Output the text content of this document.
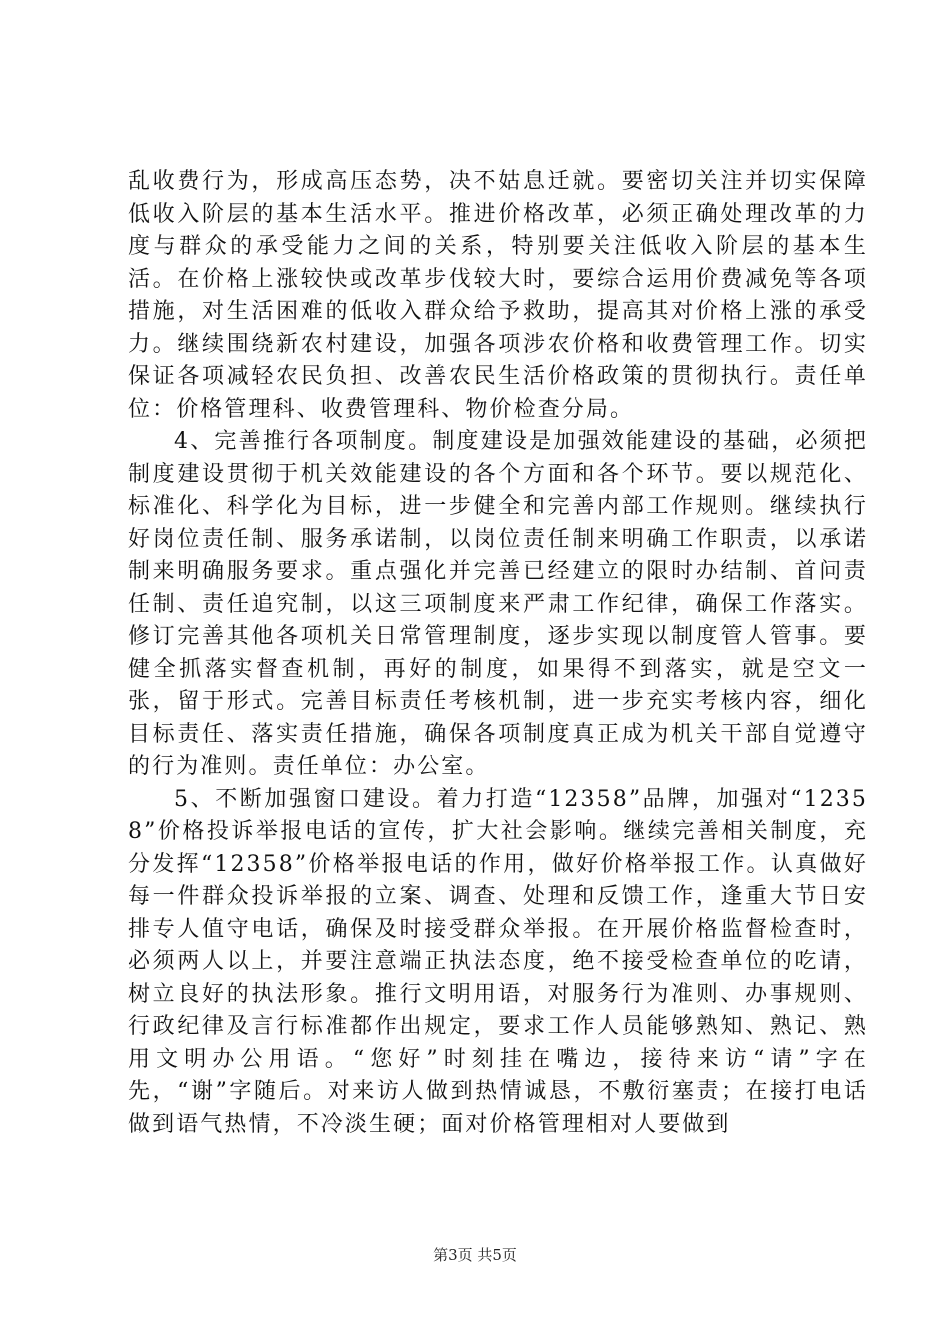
乱收费行为，形成高压态势，决不姑息迁就。要密切关注并切实保障低收入阶层的基本生活水平。推进价格改革，必须正确处理改革的力度与群众的承受能力之间的关系，特别要关注低收入阶层的基本生活。在价格上涨较快或改革步伐较大时，要综合运用价费减免等各项措施，对生活困难的低收入群众给予救助，提高其对价格上涨的承受力。继续围绕新农村建设，加强各项涉农价格和收费管理工作。切实保证各项减轻农民负担、改善农民生活价格政策的贯彻执行。责任单位：价格管理科、收费管理科、物价检查分局。

4、完善推行各项制度。制度建设是加强效能建设的基础，必须把制度建设贯彻于机关效能建设的各个方面和各个环节。要以规范化、标准化、科学化为目标，进一步健全和完善内部工作规则。继续执行好岗位责任制、服务承诺制，以岗位责任制来明确工作职责，以承诺制来明确服务要求。重点强化并完善已经建立的限时办结制、首问责任制、责任追究制，以这三项制度来严肃工作纪律，确保工作落实。修订完善其他各项机关日常管理制度，逐步实现以制度管人管事。要健全抓落实督查机制，再好的制度，如果得不到落实，就是空文一张，留于形式。完善目标责任考核机制，进一步充实考核内容，细化目标责任、落实责任措施，确保各项制度真正成为机关干部自觉遵守的行为准则。责任单位：办公室。

5、不断加强窗口建设。着力打造“12358”品牌，加强对“12358”价格投诉举报电话的宣传，扩大社会影响。继续完善相关制度，充分发挥“12358”价格举报电话的作用，做好价格举报工作。认真做好每一件群众投诉举报的立案、调查、处理和反馈工作，逢重大节日安排专人值守电话，确保及时接受群众举报。在开展价格监督检查时，必须两人以上，并要注意端正执法态度，绝不接受检查单位的吃请，树立良好的执法形象。推行文明用语，对服务行为准则、办事规则、行政纪律及言行标准都作出规定，要求工作人员能够熟知、熟记、熟用文明办公用语。“您好”时刻挂在嘴边，接待来访“请”字在先，“谢”字随后。对来访人做到热情诚恳，不敷衍塞责；在接打电话做到语气热情，不冷淡生硬；面对价格管理相对人要做到

第3页 共5页
